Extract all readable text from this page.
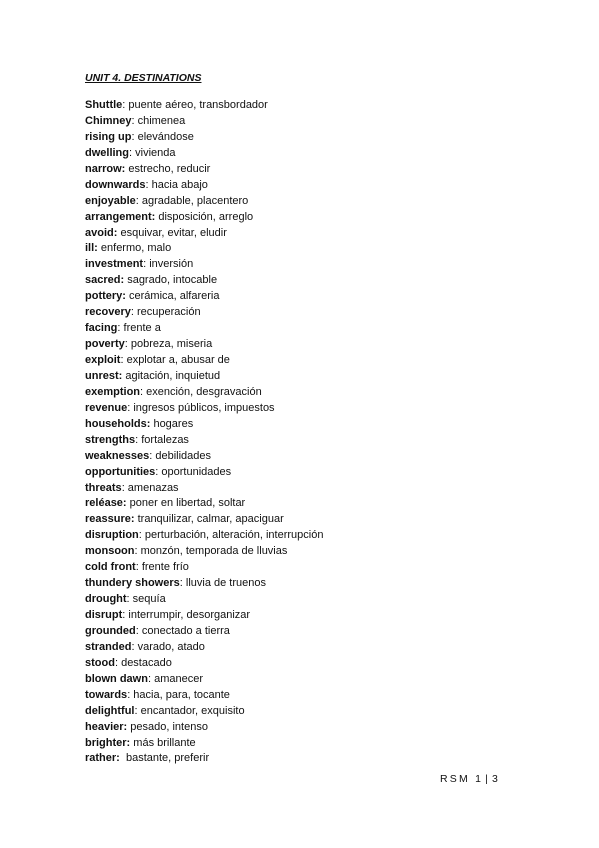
UNIT 4. DESTINATIONS
Shuttle: puente aéreo, transbordador
Chimney: chimenea
rising up: elevándose
dwelling: vivienda
narrow: estrecho, reducir
downwards: hacia abajo
enjoyable: agradable, placentero
arrangement: disposición, arreglo
avoid: esquivar, evitar, eludir
ill: enfermo, malo
investment: inversión
sacred: sagrado, intocable
pottery: cerámica, alfareria
recovery: recuperación
facing: frente a
poverty: pobreza, miseria
exploit: explotar a, abusar de
unrest: agitación, inquietud
exemption: exención, desgravación
revenue: ingresos públicos, impuestos
households: hogares
strengths: fortalezas
weaknesses: debilidades
opportunities: oportunidades
threats: amenazas
reléase: poner en libertad, soltar
reassure: tranquilizar, calmar, apaciguar
disruption: perturbación, alteración, interrupción
monsoon: monzón, temporada de lluvias
cold front: frente frío
thundery showers: lluvia de truenos
drought: sequía
disrupt: interrumpir, desorganizar
grounded: conectado a tierra
stranded: varado, atado
stood: destacado
blown dawn: amanecer
towards: hacia, para, tocante
delightful: encantador, exquisito
heavier: pesado, intenso
brighter: más brillante
rather:  bastante, preferir
RSM 1 | 3
